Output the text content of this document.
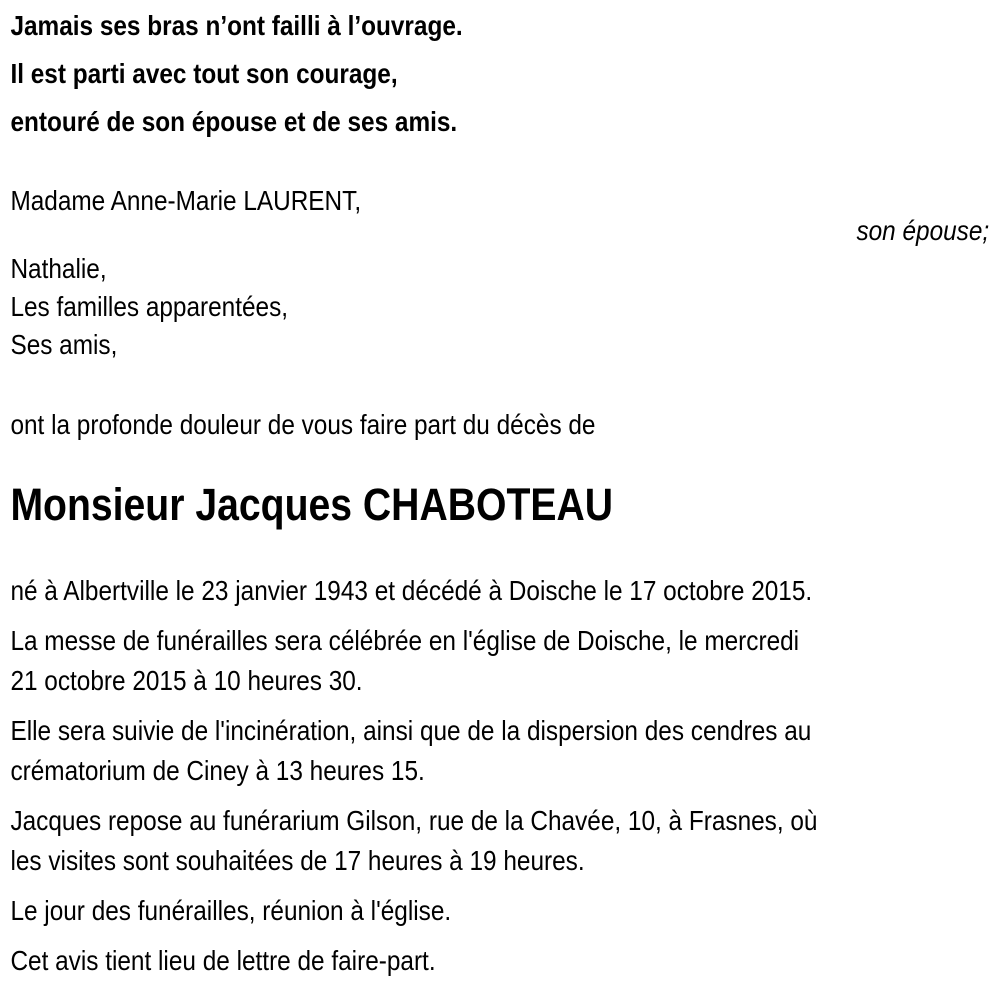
Jamais ses bras n’ont failli à l’ouvrage.
Il est parti avec tout son courage,
entouré de son épouse et de ses amis.
Madame Anne-Marie LAURENT,
son épouse;
Nathalie,
Les familles apparentées,
Ses amis,
ont la profonde douleur de vous faire part du décès de
Monsieur Jacques CHABOTEAU
né à Albertville le 23 janvier 1943 et décédé à Doische le 17 octobre 2015.
La messe de funérailles sera célébrée en l'église de Doische, le mercredi
21 octobre 2015 à 10 heures 30.
Elle sera suivie de l'incinération, ainsi que de la dispersion des cendres au
crématorium de Ciney à 13 heures 15.
Jacques repose au funérarium Gilson, rue de la Chavée, 10, à Frasnes, où
les visites sont souhaitées de 17 heures à 19 heures.
Le jour des funérailles, réunion à l'église.
Cet avis tient lieu de lettre de faire-part.
